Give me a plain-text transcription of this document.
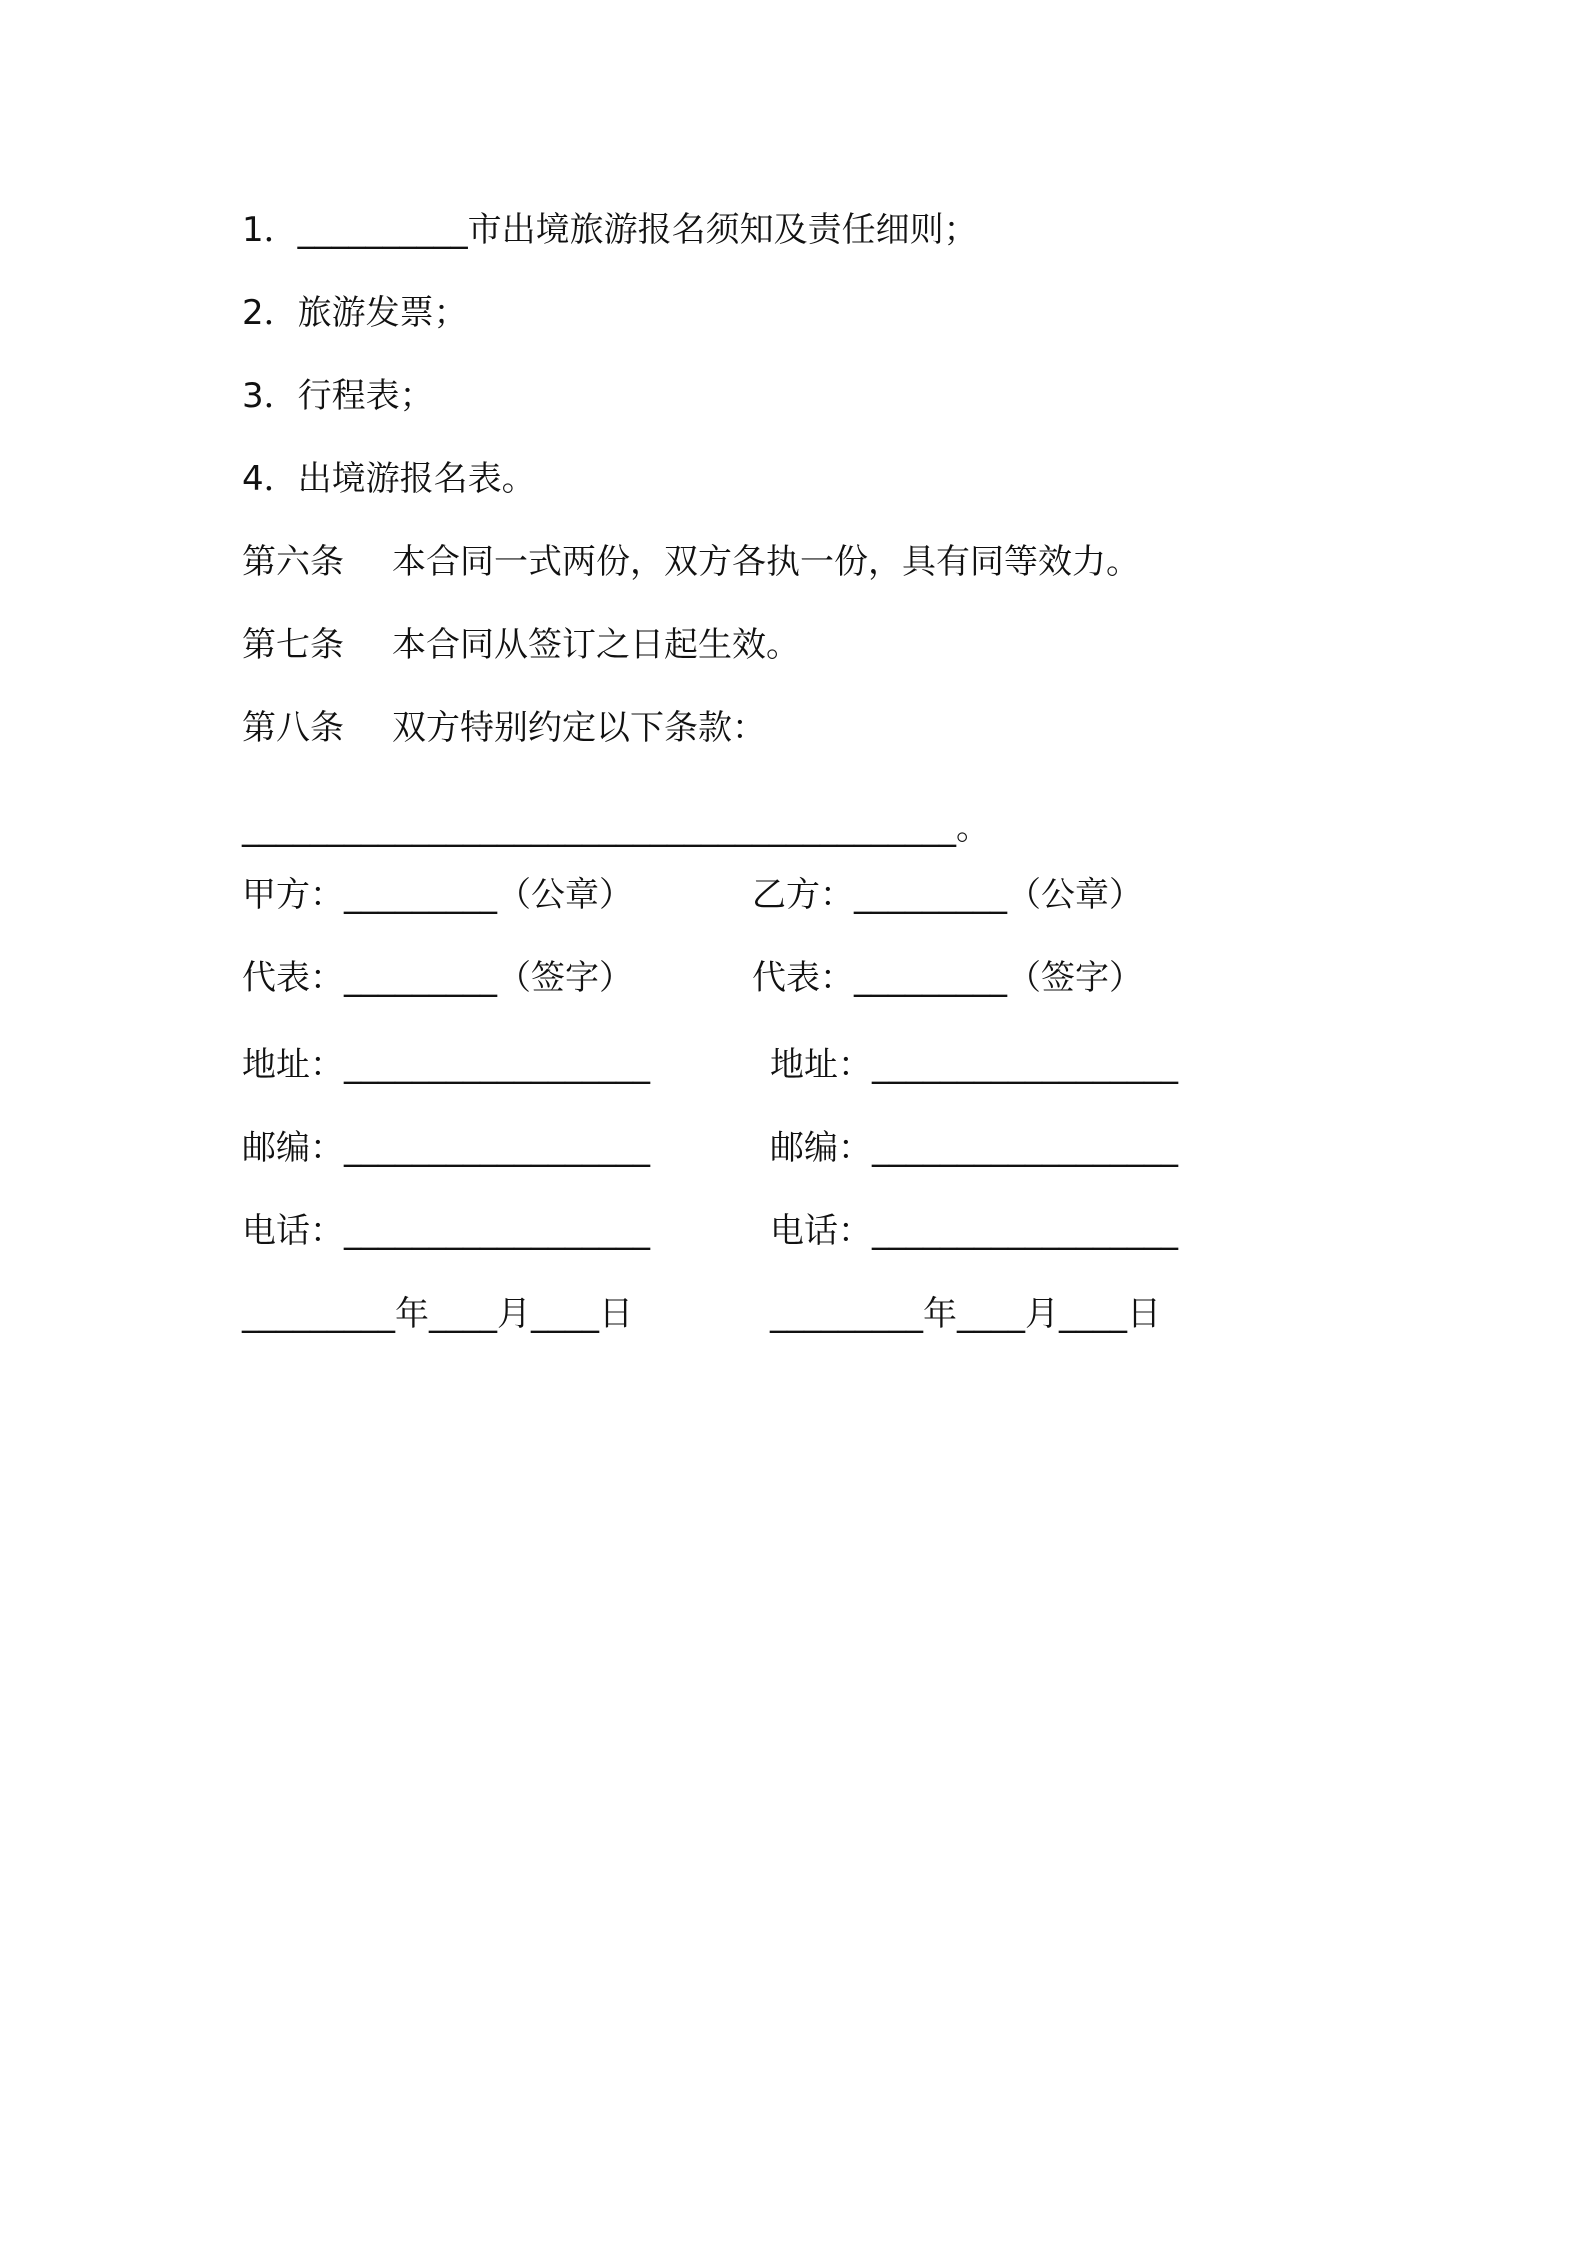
1．__________市出境旅游报名须知及责任细则；
2．旅游发票；
3．行程表；
4．出境游报名表。
第六条 本合同一式两份，双方各执一份，具有同等效力。
第七条 本合同从签订之日起生效。
第八条 双方特别约定以下条款：
__________________________________________。
甲方：_________（公章）
代表：_________（签字）
地址：__________________
邮编：__________________
电话：__________________
_________年____月____日
乙方：_________（公章）
代表：_________（签字）
地址：__________________
邮编：__________________
电话：__________________
_________年____月____日
